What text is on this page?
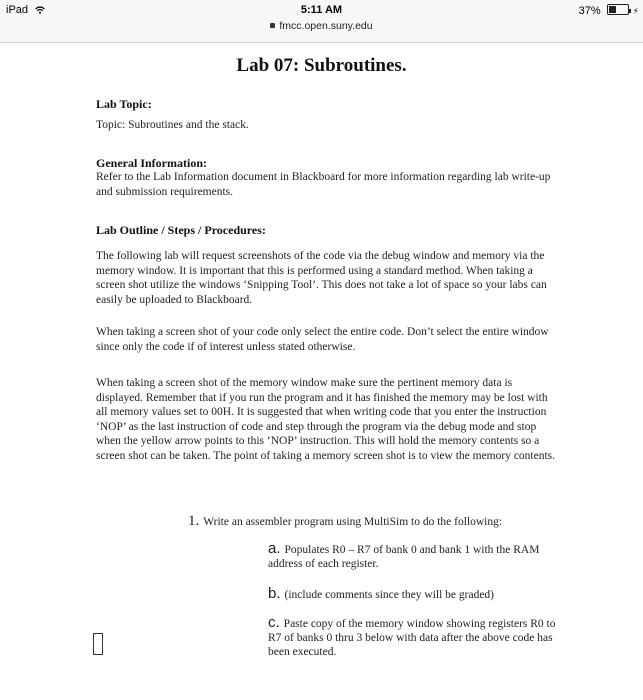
iPad	5:11 AM
fmcc.open.suny.edu
37%	⚡
Lab 07: Subroutines.
Lab Topic:
Topic: Subroutines and the stack.
General Information:
Refer to the Lab Information document in Blackboard for more information regarding lab write-up and submission requirements.
Lab Outline / Steps / Procedures:
The following lab will request screenshots of the code via the debug window and memory via the memory window. It is important that this is performed using a standard method. When taking a screen shot utilize the windows ‘Snipping Tool’. This does not take a lot of space so your labs can easily be uploaded to Blackboard.
When taking a screen shot of your code only select the entire code. Don’t select the entire window since only the code if of interest unless stated otherwise.
When taking a screen shot of the memory window make sure the pertinent memory data is displayed. Remember that if you run the program and it has finished the memory may be lost with all memory values set to 00H. It is suggested that when writing code that you enter the instruction ‘NOP’ as the last instruction of code and step through the program via the debug mode and stop when the yellow arrow points to this ‘NOP’ instruction. This will hold the memory contents so a screen shot can be taken. The point of taking a memory screen shot is to view the memory contents.
1. Write an assembler program using MultiSim to do the following:
a. Populates R0 – R7 of bank 0 and bank 1 with the RAM address of each register.
b. (include comments since they will be graded)
c. Paste copy of the memory window showing registers R0 to R7 of banks 0 thru 3 below with data after the above code has been executed.
